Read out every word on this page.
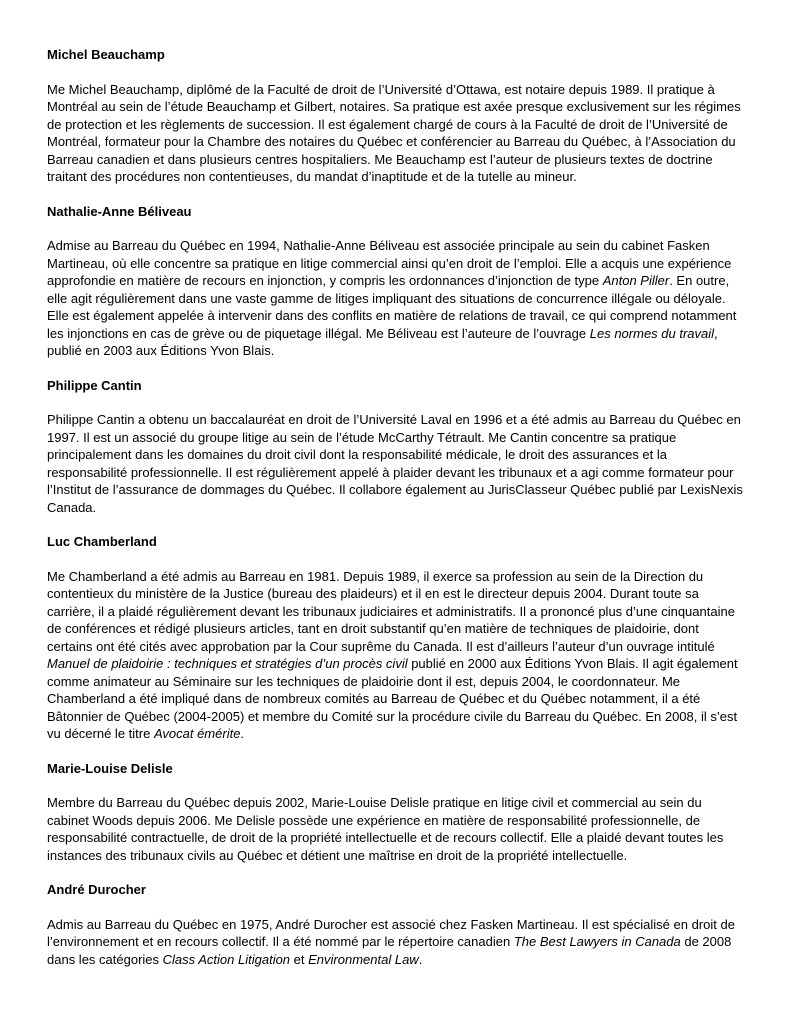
Michel Beauchamp

Me Michel Beauchamp, diplômé de la Faculté de droit de l’Université d’Ottawa, est notaire depuis 1989. Il pratique à Montréal au sein de l’étude Beauchamp et Gilbert, notaires. Sa pratique est axée presque exclusivement sur les régimes de protection et les règlements de succession. Il est également chargé de cours à la Faculté de droit de l’Université de Montréal, formateur pour la Chambre des notaires du Québec et conférencier au Barreau du Québec, à l’Association du Barreau canadien et dans plusieurs centres hospitaliers. Me Beauchamp est l’auteur de plusieurs textes de doctrine traitant des procédures non contentieuses, du mandat d’inaptitude et de la tutelle au mineur.

Nathalie-Anne Béliveau

Admise au Barreau du Québec en 1994, Nathalie-Anne Béliveau est associée principale au sein du cabinet Fasken Martineau, où elle concentre sa pratique en litige commercial ainsi qu’en droit de l’emploi. Elle a acquis une expérience approfondie en matière de recours en injonction, y compris les ordonnances d’injonction de type Anton Piller. En outre, elle agit régulièrement dans une vaste gamme de litiges impliquant des situations de concurrence illégale ou déloyale. Elle est également appelée à intervenir dans des conflits en matière de relations de travail, ce qui comprend notamment les injonctions en cas de grève ou de piquetage illégal. Me Béliveau est l’auteure de l’ouvrage Les normes du travail, publié en 2003 aux Éditions Yvon Blais.

Philippe Cantin

Philippe Cantin a obtenu un baccalauréat en droit de l’Université Laval en 1996 et a été admis au Barreau du Québec en 1997. Il est un associé du groupe litige au sein de l’étude McCarthy Tétrault. Me Cantin concentre sa pratique principalement dans les domaines du droit civil dont la responsabilité médicale, le droit des assurances et la responsabilité professionnelle. Il est régulièrement appelé à plaider devant les tribunaux et a agi comme formateur pour l’Institut de l’assurance de dommages du Québec. Il collabore également au JurisClasseur Québec publié par LexisNexis Canada.

Luc Chamberland

Me Chamberland a été admis au Barreau en 1981. Depuis 1989, il exerce sa profession au sein de la Direction du contentieux du ministère de la Justice (bureau des plaideurs) et il en est le directeur depuis 2004. Durant toute sa carrière, il a plaidé régulièrement devant les tribunaux judiciaires et administratifs. Il a prononcé plus d’une cinquantaine de conférences et rédigé plusieurs articles, tant en droit substantif qu’en matière de techniques de plaidoirie, dont certains ont été cités avec approbation par la Cour suprême du Canada. Il est d’ailleurs l’auteur d’un ouvrage intitulé Manuel de plaidoirie : techniques et stratégies d’un procès civil publié en 2000 aux Éditions Yvon Blais. Il agit également comme animateur au Séminaire sur les techniques de plaidoirie dont il est, depuis 2004, le coordonnateur. Me Chamberland a été impliqué dans de nombreux comités au Barreau de Québec et du Québec notamment, il a été Bâtonnier de Québec (2004-2005) et membre du Comité sur la procédure civile du Barreau du Québec. En 2008, il s’est vu décerné le titre Avocat émérite.

Marie-Louise Delisle

Membre du Barreau du Québec depuis 2002, Marie-Louise Delisle pratique en litige civil et commercial au sein du cabinet Woods depuis 2006. Me Delisle possède une expérience en matière de responsabilité professionnelle, de responsabilité contractuelle, de droit de la propriété intellectuelle et de recours collectif. Elle a plaidé devant toutes les instances des tribunaux civils au Québec et détient une maîtrise en droit de la propriété intellectuelle.

André Durocher

Admis au Barreau du Québec en 1975, André Durocher est associé chez Fasken Martineau. Il est spécialisé en droit de l’environnement et en recours collectif. Il a été nommé par le répertoire canadien The Best Lawyers in Canada de 2008 dans les catégories Class Action Litigation et Environmental Law.
